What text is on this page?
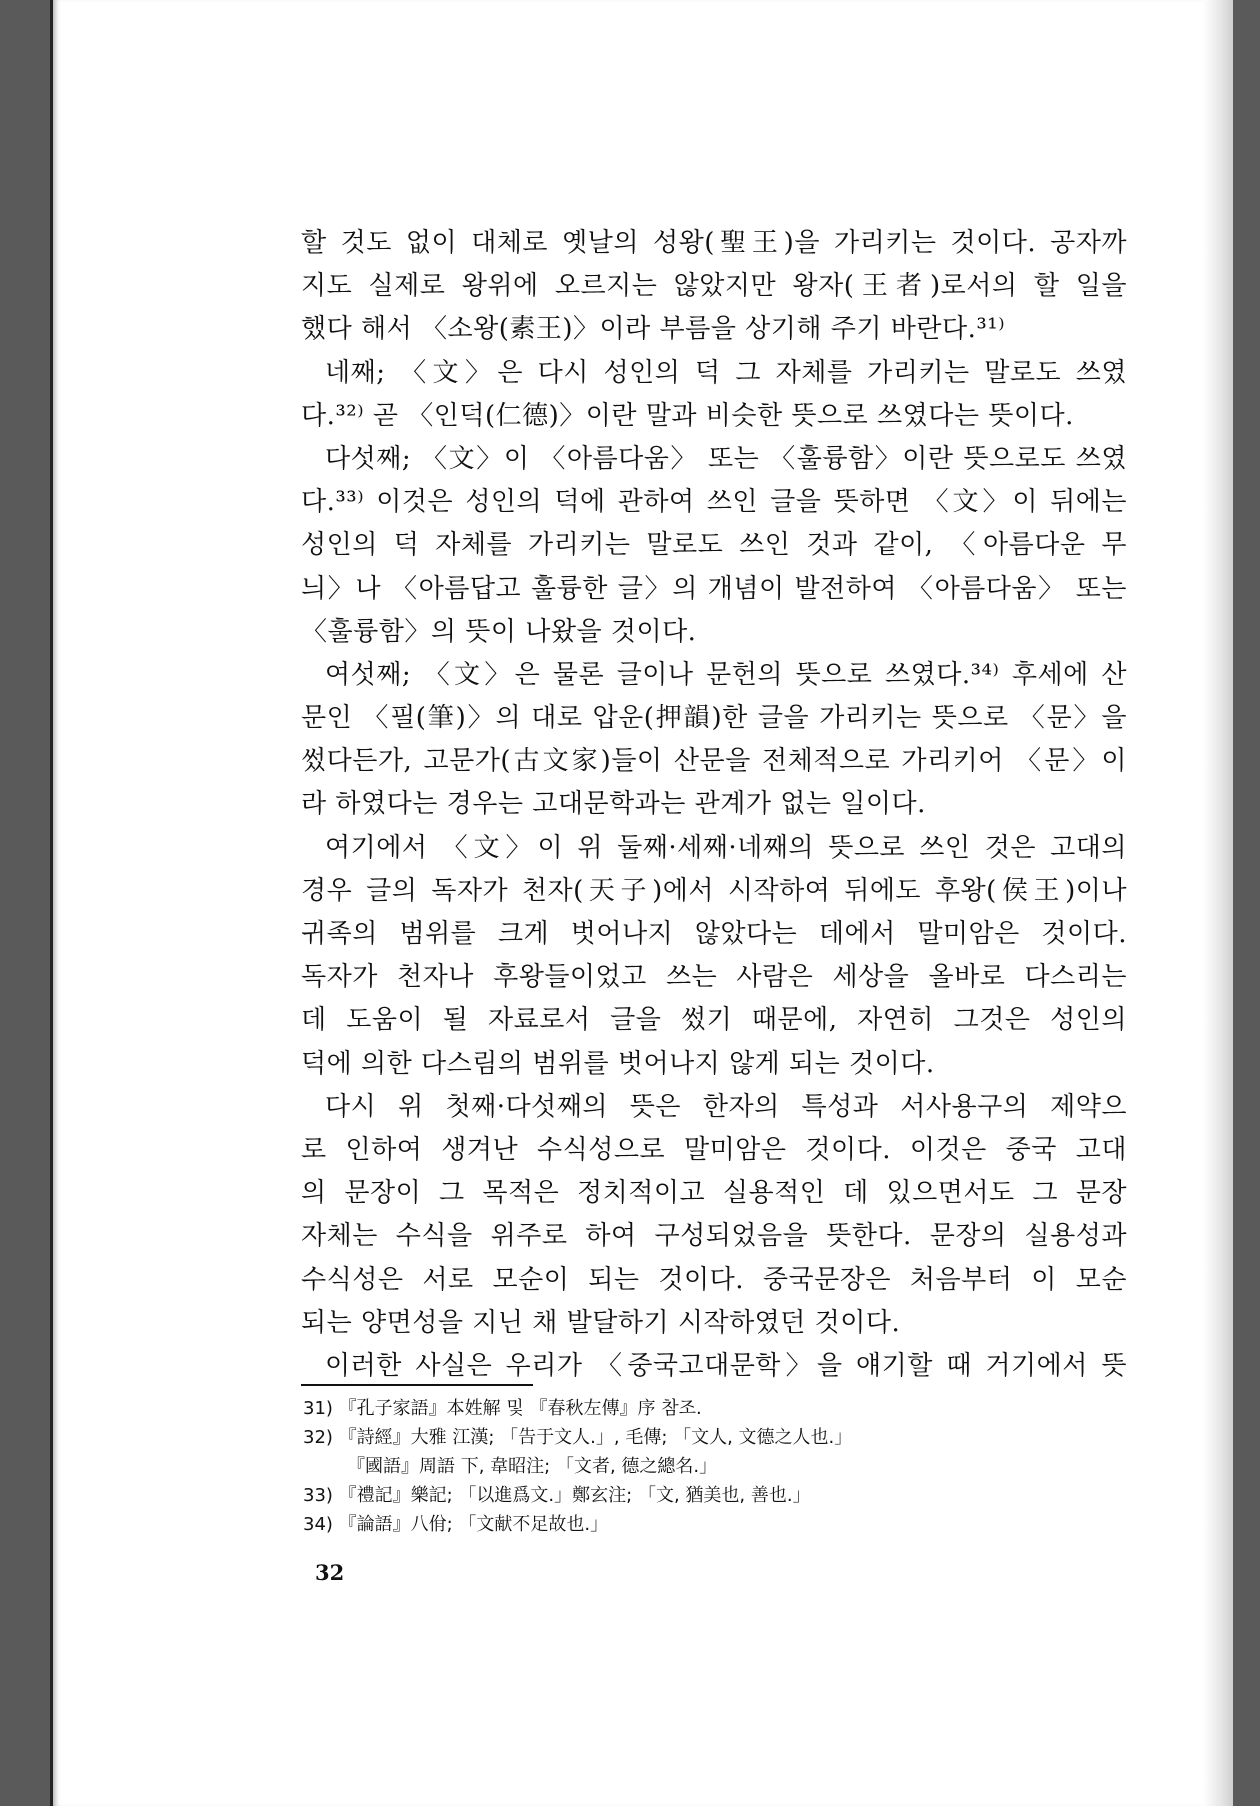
할 것도 없이 대체로 옛날의 성왕(聖王)을 가리키는 것이다. 공자까
지도 실제로 왕위에 오르지는 않았지만 왕자(王者)로서의 할 일을
했다 해서 〈소왕(素王)〉이라 부름을 상기해 주기 바란다.³¹⁾
네째; 〈文〉은 다시 성인의 덕 그 자체를 가리키는 말로도 쓰였
다.³²⁾ 곧 〈인덕(仁德)〉이란 말과 비슷한 뜻으로 쓰였다는 뜻이다.
다섯째; 〈文〉이 〈아름다움〉 또는 〈훌륭함〉이란 뜻으로도 쓰였
다.³³⁾ 이것은 성인의 덕에 관하여 쓰인 글을 뜻하면 〈文〉이 뒤에는
성인의 덕 자체를 가리키는 말로도 쓰인 것과 같이, 〈아름다운 무
늬〉나 〈아름답고 훌륭한 글〉의 개념이 발전하여 〈아름다움〉 또는
〈훌륭함〉의 뜻이 나왔을 것이다.
여섯째; 〈文〉은 물론 글이나 문헌의 뜻으로 쓰였다.³⁴⁾ 후세에 산
문인 〈필(筆)〉의 대로 압운(押韻)한 글을 가리키는 뜻으로 〈문〉을
썼다든가, 고문가(古文家)들이 산문을 전체적으로 가리키어 〈문〉이
라 하였다는 경우는 고대문학과는 관계가 없는 일이다.
여기에서 〈文〉이 위 둘째·세째·네째의 뜻으로 쓰인 것은 고대의
경우 글의 독자가 천자(天子)에서 시작하여 뒤에도 후왕(侯王)이나
귀족의 범위를 크게 벗어나지 않았다는 데에서 말미암은 것이다.
독자가 천자나 후왕들이었고 쓰는 사람은 세상을 올바로 다스리는
데 도움이 될 자료로서 글을 썼기 때문에, 자연히 그것은 성인의
덕에 의한 다스림의 범위를 벗어나지 않게 되는 것이다.
다시 위 첫째·다섯째의 뜻은 한자의 특성과 서사용구의 제약으
로 인하여 생겨난 수식성으로 말미암은 것이다. 이것은 중국 고대
의 문장이 그 목적은 정치적이고 실용적인 데 있으면서도 그 문장
자체는 수식을 위주로 하여 구성되었음을 뜻한다. 문장의 실용성과
수식성은 서로 모순이 되는 것이다. 중국문장은 처음부터 이 모순
되는 양면성을 지닌 채 발달하기 시작하였던 것이다.
이러한 사실은 우리가 〈중국고대문학〉을 얘기할 때 거기에서 뜻
31) 『孔子家語』本姓解 및 『春秋左傳』序 참조.
32) 『詩經』大雅 江漢; 「告于文人.」, 毛傳; 「文人, 文德之人也.」
『國語』周語 下, 韋昭注; 「文者, 德之總名.」
33) 『禮記』樂記; 「以進爲文.」鄭玄注; 「文, 猶美也, 善也.」
34) 『論語』八佾; 「文献不足故也.」
32
